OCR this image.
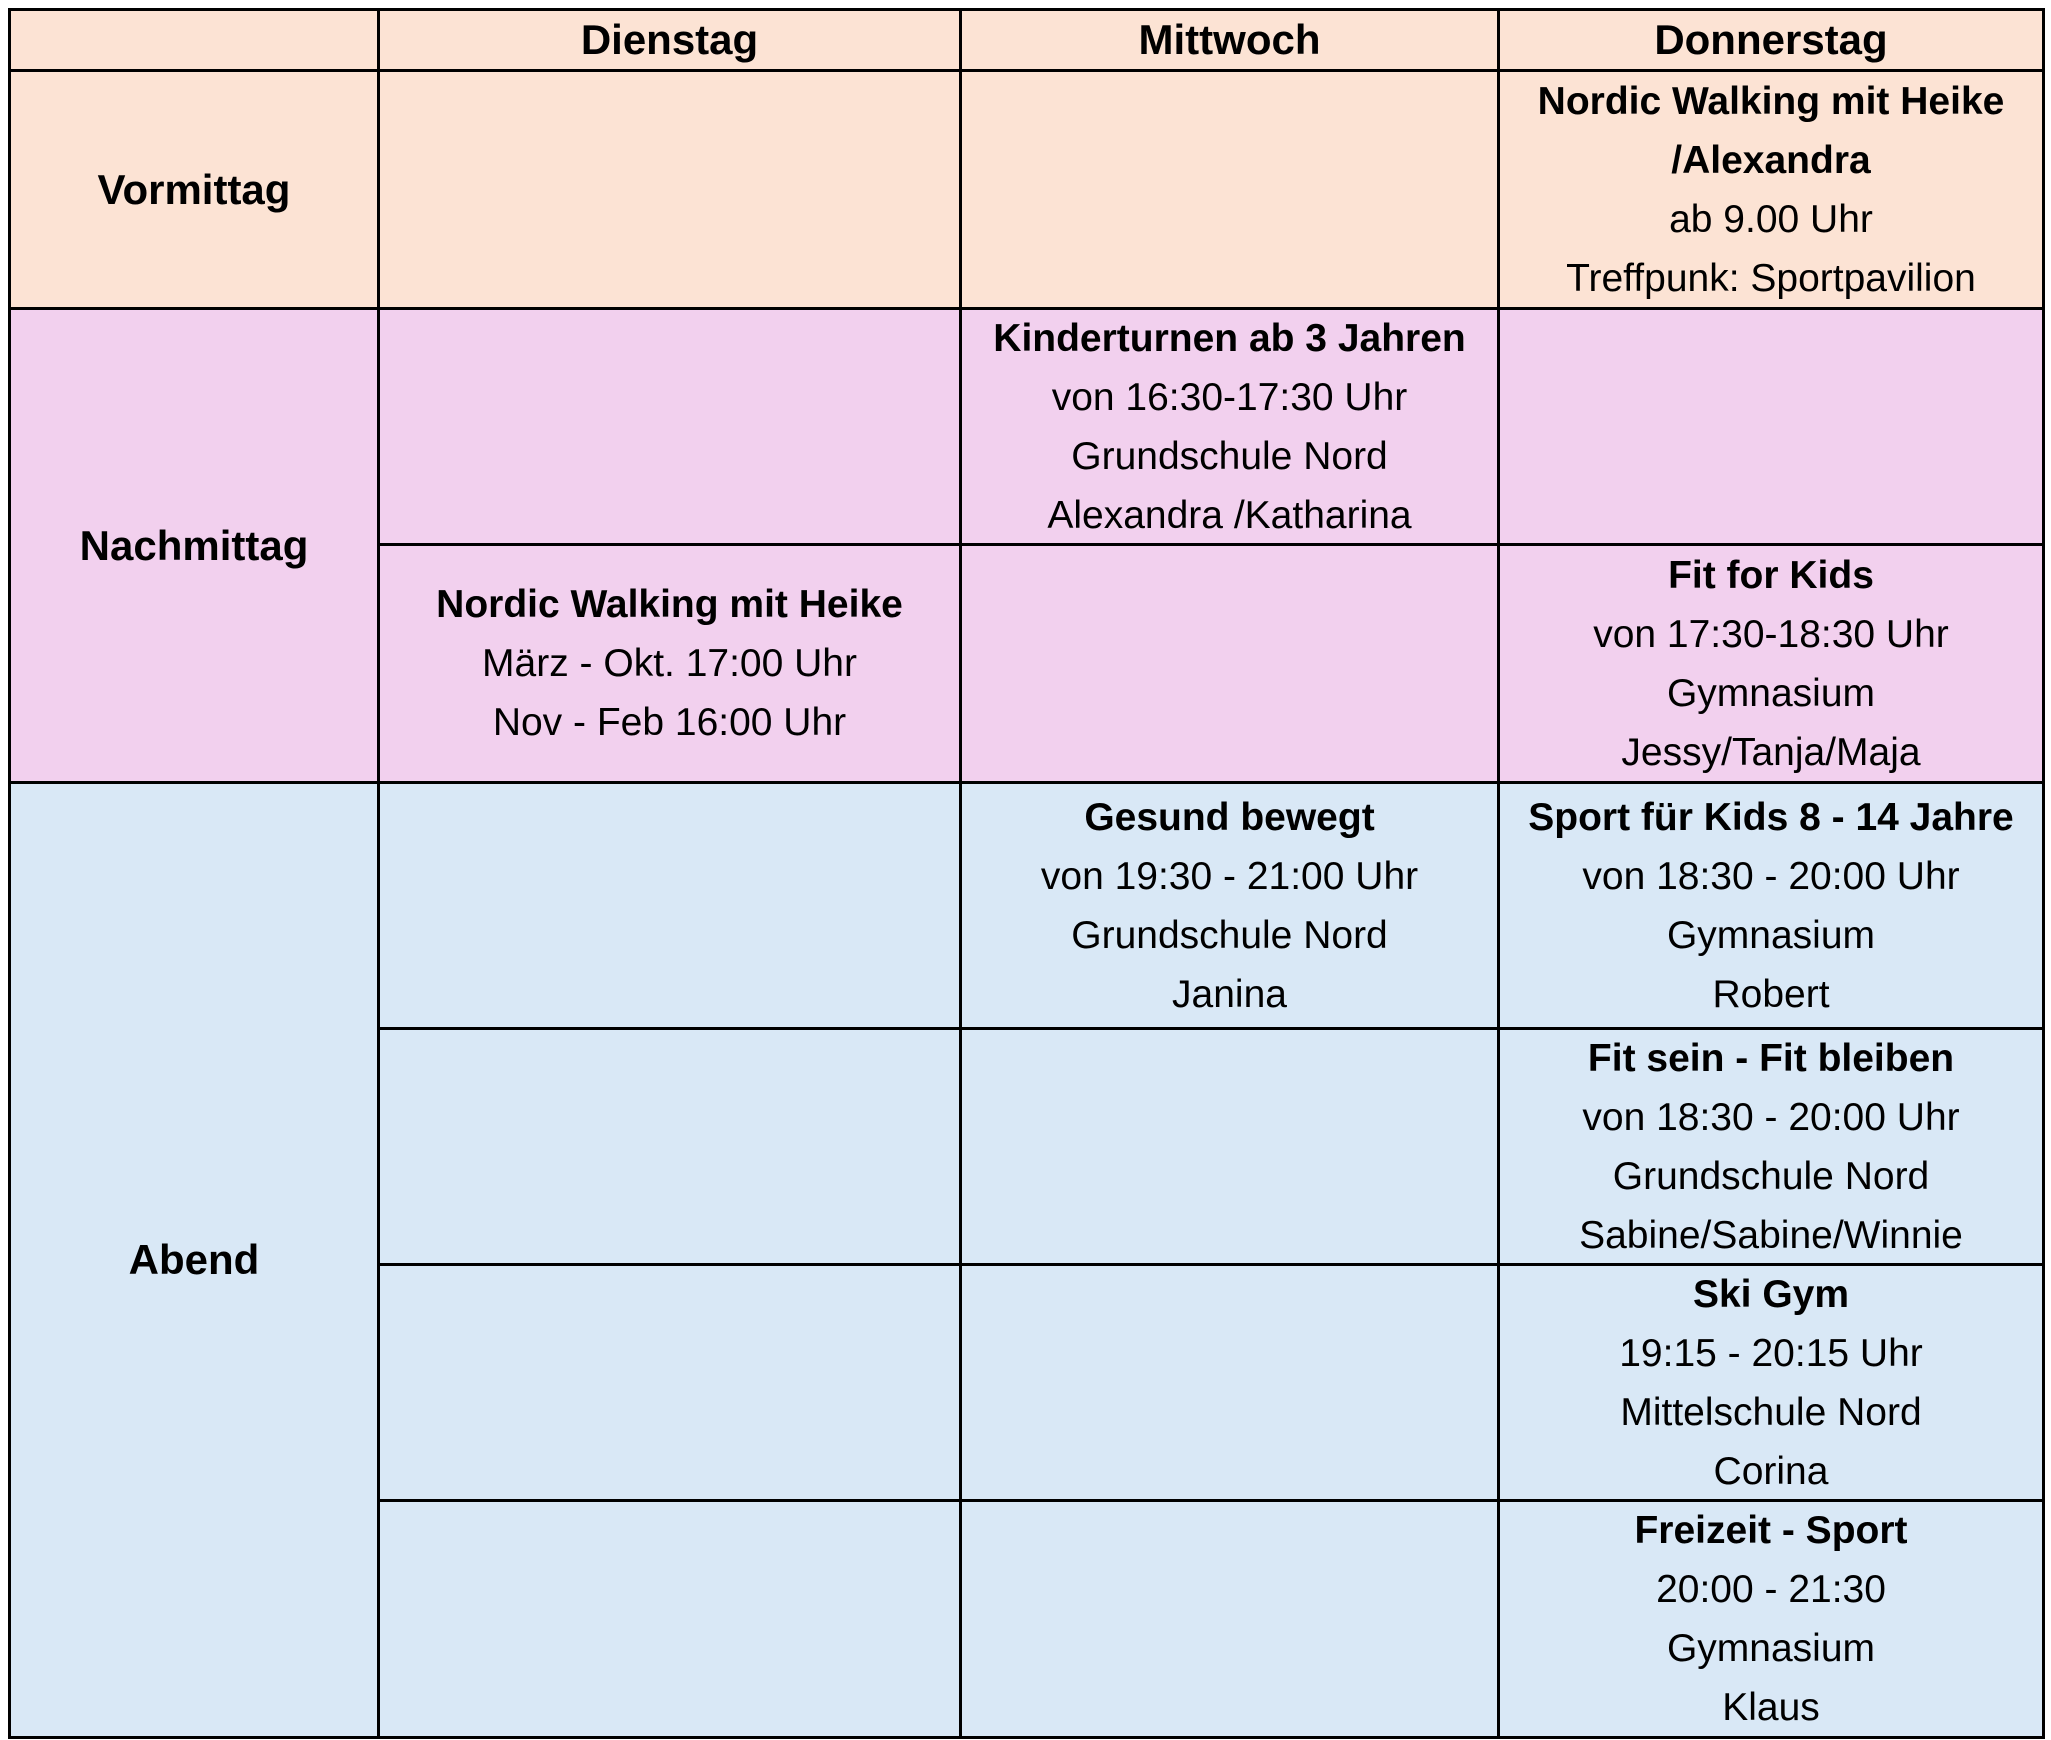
Dienstag	Mittwoch	Donnerstag
Vormittag
Nordic Walking mit Heike
/Alexandra
ab 9.00 Uhr
Treffpunk: Sportpavilion
Nachmittag
Kinderturnen ab 3 Jahren
von 16:30-17:30 Uhr
Grundschule Nord
Alexandra /Katharina
Nordic Walking mit Heike
März - Okt. 17:00 Uhr
Nov - Feb 16:00 Uhr
Fit for Kids
von 17:30-18:30 Uhr
Gymnasium
Jessy/Tanja/Maja
Abend
Gesund bewegt
von 19:30 - 21:00 Uhr
Grundschule Nord
Janina
Sport für Kids 8 - 14 Jahre
von 18:30 - 20:00 Uhr
Gymnasium
Robert
Fit sein - Fit bleiben
von 18:30 - 20:00 Uhr
Grundschule Nord
Sabine/Sabine/Winnie
Ski Gym
19:15 - 20:15 Uhr
Mittelschule Nord
Corina
Freizeit - Sport
20:00 - 21:30
Gymnasium
Klaus
